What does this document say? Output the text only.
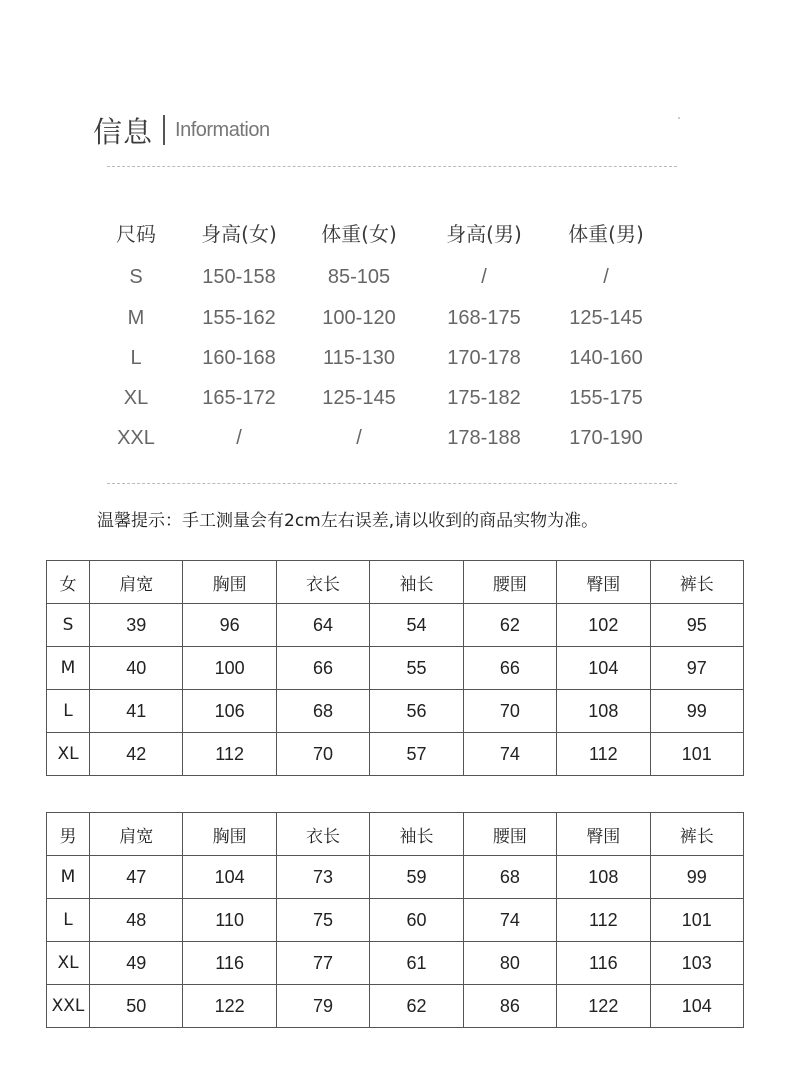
信息 Information
尺码	身高(女)	体重(女)	身高(男)	体重(男)
S	150-158	85-105	/	/
M	155-162	100-120	168-175	125-145
L	160-168	115-130	170-178	140-160
XL	165-172	125-145	175-182	155-175
XXL	/	/	178-188	170-190
温馨提示：手工测量会有2cm左右误差,请以收到的商品实物为准。
女	肩宽	胸围	衣长	袖长	腰围	臀围	裤长
S	39	96	64	54	62	102	95
M	40	100	66	55	66	104	97
L	41	106	68	56	70	108	99
XL	42	112	70	57	74	112	101
男	肩宽	胸围	衣长	袖长	腰围	臀围	裤长
M	47	104	73	59	68	108	99
L	48	110	75	60	74	112	101
XL	49	116	77	61	80	116	103
XXL	50	122	79	62	86	122	104
